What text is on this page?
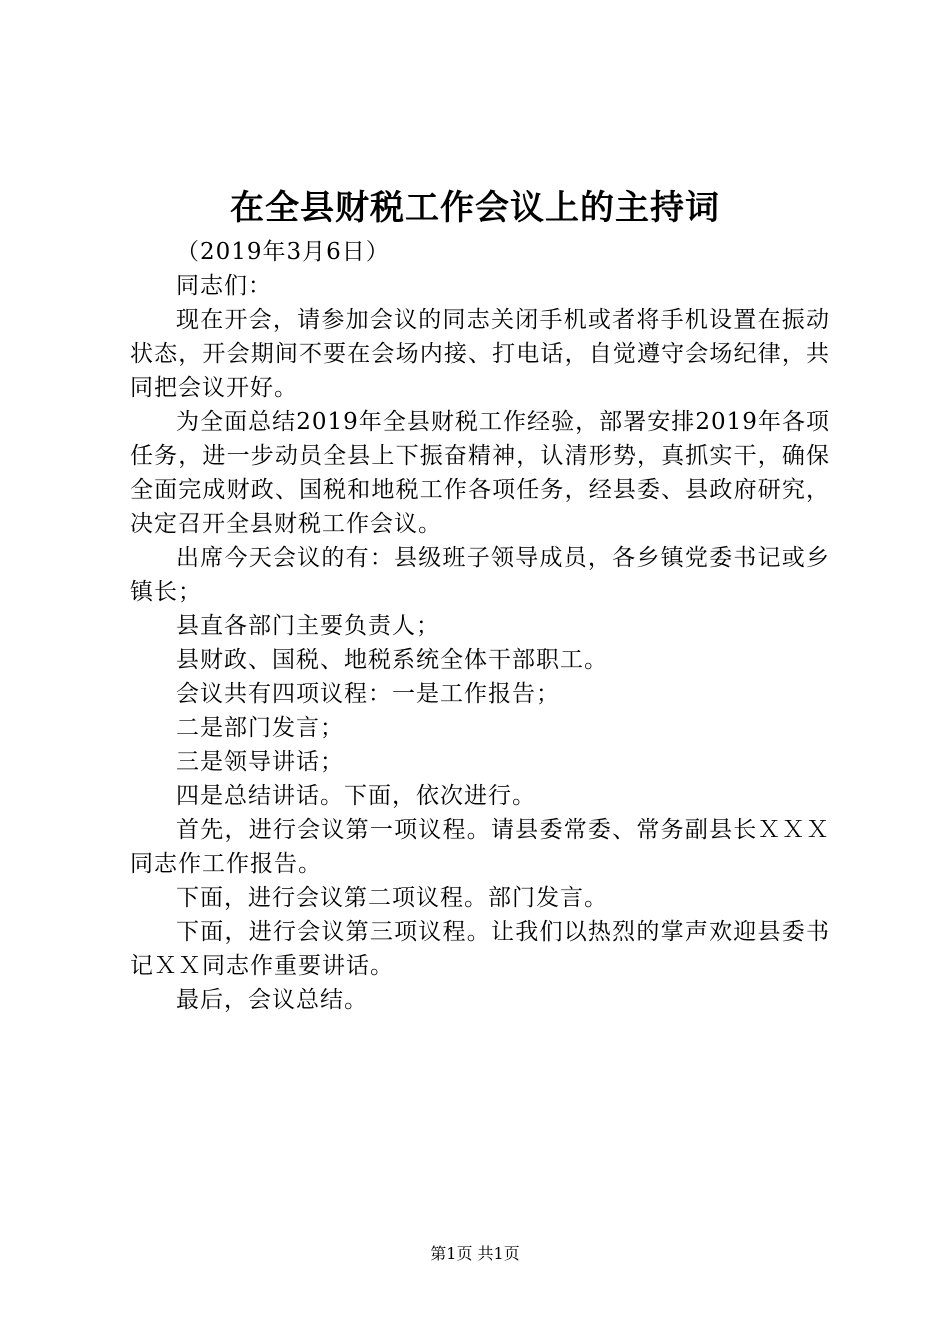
在全县财税工作会议上的主持词

（2019年3月6日）

同志们：

现在开会，请参加会议的同志关闭手机或者将手机设置在振动状态，开会期间不要在会场内接、打电话，自觉遵守会场纪律，共同把会议开好。

为全面总结2019年全县财税工作经验，部署安排2019年各项任务，进一步动员全县上下振奋精神，认清形势，真抓实干，确保全面完成财政、国税和地税工作各项任务，经县委、县政府研究，决定召开全县财税工作会议。

出席今天会议的有：县级班子领导成员，各乡镇党委书记或乡镇长；

县直各部门主要负责人；

县财政、国税、地税系统全体干部职工。

会议共有四项议程：一是工作报告；

二是部门发言；

三是领导讲话；

四是总结讲话。下面，依次进行。

首先，进行会议第一项议程。请县委常委、常务副县长ＸＸＸ同志作工作报告。

下面，进行会议第二项议程。部门发言。

下面，进行会议第三项议程。让我们以热烈的掌声欢迎县委书记ＸＸ同志作重要讲话。

最后，会议总结。

第1页 共1页
